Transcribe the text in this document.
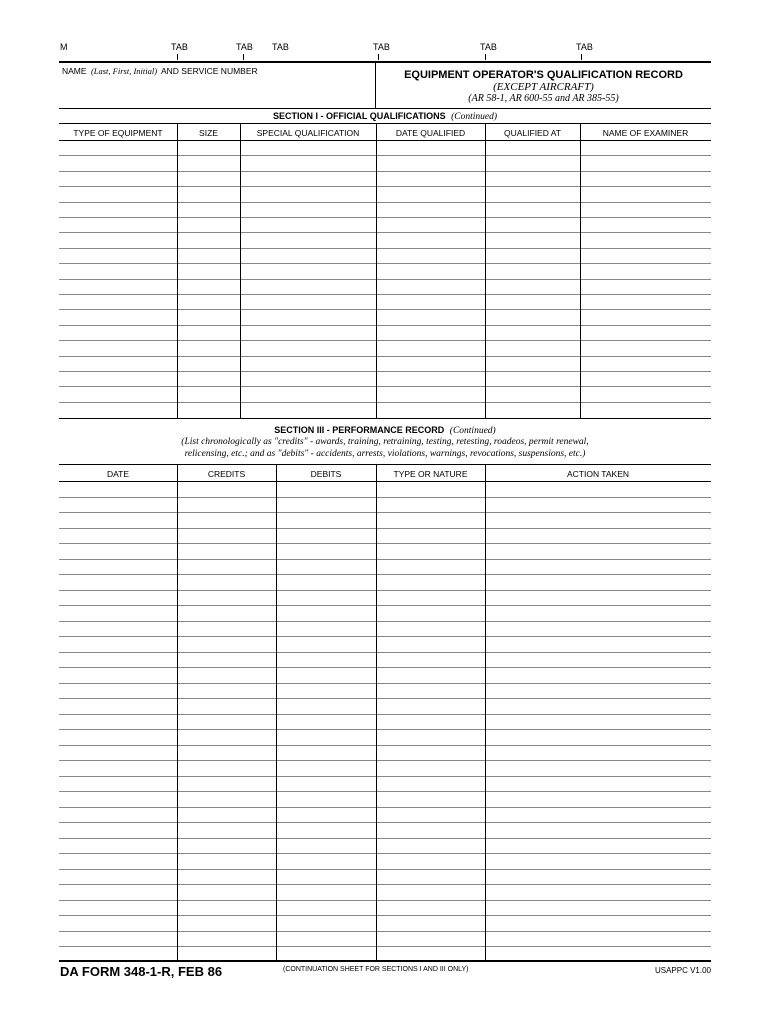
M	TAB	TAB TAB	TAB	TAB	TAB
NAME (Last, First, Initial) AND SERVICE NUMBER	EQUIPMENT OPERATOR'S QUALIFICATION RECORD
(EXCEPT AIRCRAFT)
(AR 58-1, AR 600-55 and AR 385-55)
SECTION I - OFFICIAL QUALIFICATIONS (Continued)
TYPE OF EQUIPMENT	SIZE	SPECIAL QUALIFICATION	DATE QUALIFIED	QUALIFIED AT	NAME OF EXAMINER
SECTION III - PERFORMANCE RECORD (Continued)
(List chronologically as "credits" - awards, training, retraining, testing, retesting, roadeos, permit renewal,
relicensing, etc.; and as "debits" - accidents, arrests, violations, warnings, revocations, suspensions, etc.)
DATE	CREDITS	DEBITS	TYPE OR NATURE	ACTION TAKEN
DA FORM 348-1-R, FEB 86	(CONTINUATION SHEET FOR SECTIONS I AND III ONLY)	USAPPC V1.00
